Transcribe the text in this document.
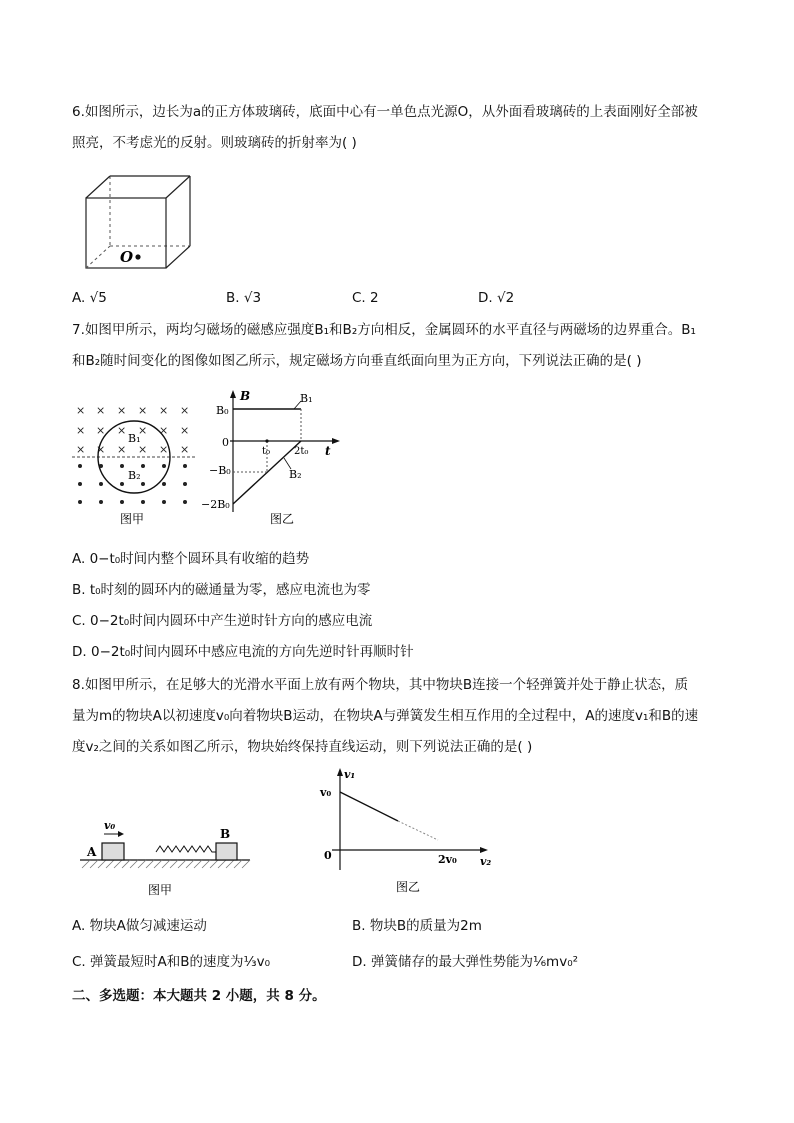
6.如图所示，边长为a的正方体玻璃砖，底面中心有一单色点光源O，从外面看玻璃砖的上表面刚好全部被
照亮，不考虑光的反射。则玻璃砖的折射率为( )
O
A. √5	B. √3	C. 2	D. √2
7.如图甲所示，两均匀磁场的磁感应强度B₁和B₂方向相反，金属圆环的水平直径与两磁场的边界重合。B₁
和B₂随时间变化的图像如图乙所示，规定磁场方向垂直纸面向里为正方向，下列说法正确的是( )
× × × × × ×
× × × × × ×
× × × × × ×
B₁
B₂
图甲
B
t
B₀
0
−B₀
−2B₀
t₀ 2t₀
B₁
B₂
图乙
A. 0−t₀时间内整个圆环具有收缩的趋势
B. t₀时刻的圆环内的磁通量为零，感应电流也为零
C. 0−2t₀时间内圆环中产生逆时针方向的感应电流
D. 0−2t₀时间内圆环中感应电流的方向先逆时针再顺时针
8.如图甲所示，在足够大的光滑水平面上放有两个物块，其中物块B连接一个轻弹簧并处于静止状态，质
量为m的物块A以初速度v₀向着物块B运动，在物块A与弹簧发生相互作用的全过程中，A的速度v₁和B的速
度v₂之间的关系如图乙所示，物块始终保持直线运动，则下列说法正确的是( )
A
v₀
B
图甲
v₁
v₂
v₀
0	2v₀
图乙
A. 物块A做匀减速运动	B. 物块B的质量为2m
C. 弹簧最短时A和B的速度为⅓v₀	D. 弹簧储存的最大弹性势能为⅙mv₀²
二、多选题：本大题共 2 小题，共 8 分。
